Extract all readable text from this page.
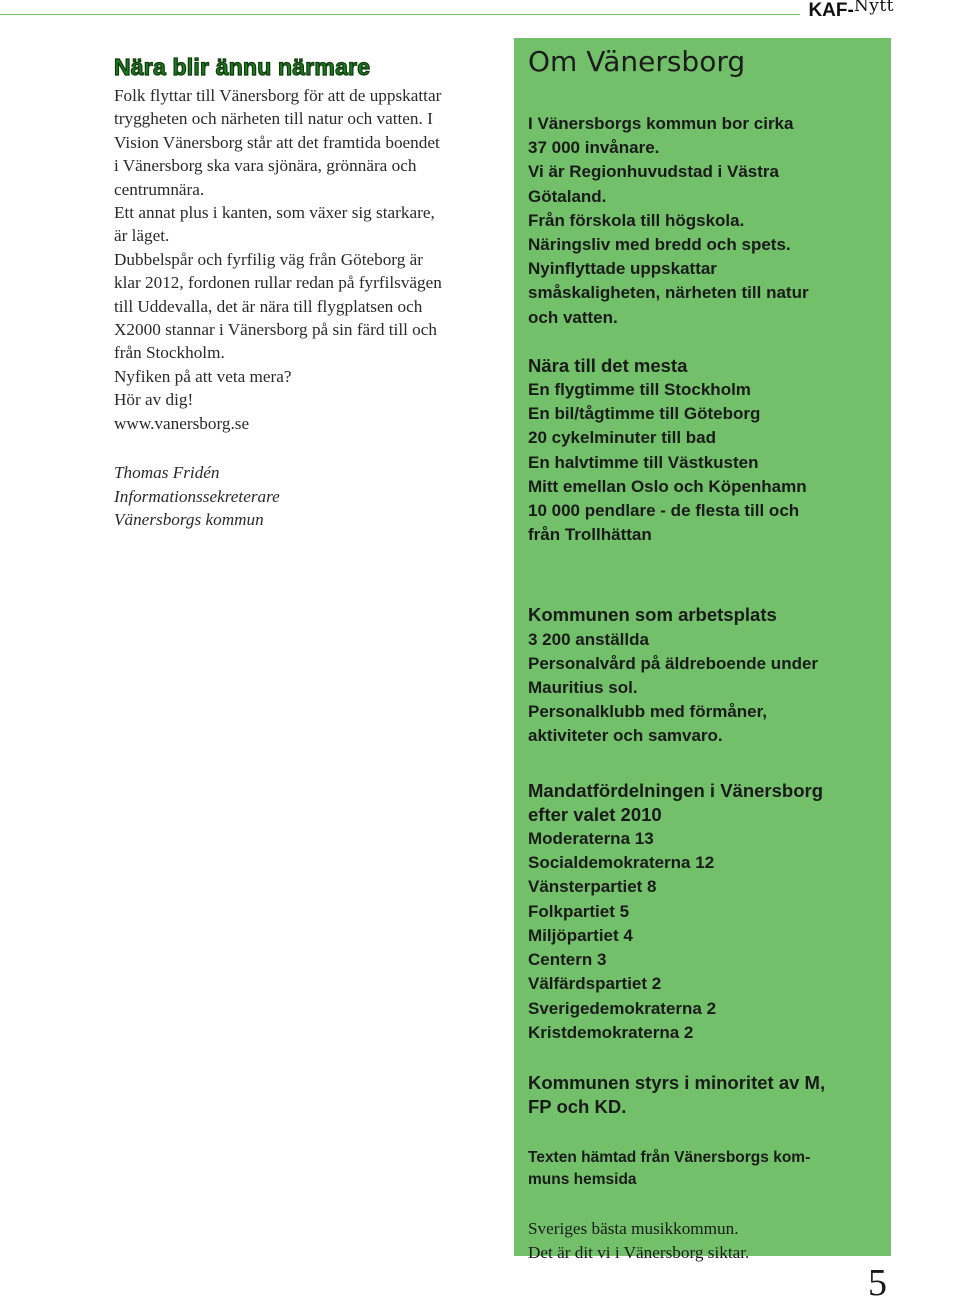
KAF-Nytt
Nära blir ännu närmare

Folk flyttar till Vänersborg för att de uppskattar

tryggheten och närheten till natur och vatten. I

Vision Vänersborg står att det framtida boendet

i Vänersborg ska vara sjönära, grönnära och

centrumnära.

Ett annat plus i kanten, som växer sig starkare,

är läget.

Dubbelspår och fyrfilig väg från Göteborg är

klar 2012, fordonen rullar redan på fyrfilsvägen

till Uddevalla, det är nära till flygplatsen och

X2000 stannar i Vänersborg på sin färd till och

från Stockholm.

Nyfiken på att veta mera?

Hör av dig!

www.vanersborg.se

Thomas Fridén
Informationssekreterare
Vänersborgs kommun
Om Vänersborg
I Vänersborgs kommun bor cirka
37 000 invånare.
Vi är Regionhuvudstad i Västra
Götaland.
Från förskola till högskola.
Näringsliv med bredd och spets.
Nyinflyttade uppskattar
småskaligheten, närheten till natur
och vatten.
Nära till det mesta
En flygtimme till Stockholm
En bil/tågtimme till Göteborg
20 cykelminuter till bad
En halvtimme till Västkusten
Mitt emellan Oslo och Köpenhamn
10 000 pendlare - de flesta till och
från Trollhättan
Kommunen som arbetsplats
3 200 anställda
Personalvård på äldreboende under
Mauritius sol.
Personalklubb med förmåner,
aktiviteter och samvaro.
Mandatfördelningen i Vänersborg
efter valet 2010
Moderaterna 13
Socialdemokraterna 12
Vänsterpartiet 8
Folkpartiet 5
Miljöpartiet 4
Centern 3
Välfärdspartiet 2
Sverigedemokraterna 2
Kristdemokraterna 2
Kommunen styrs i minoritet av M,
FP och KD.
Texten hämtad från Vänersborgs kom-
muns hemsida
Sveriges bästa musikkommun.
Det är dit vi i Vänersborg siktar.
5
